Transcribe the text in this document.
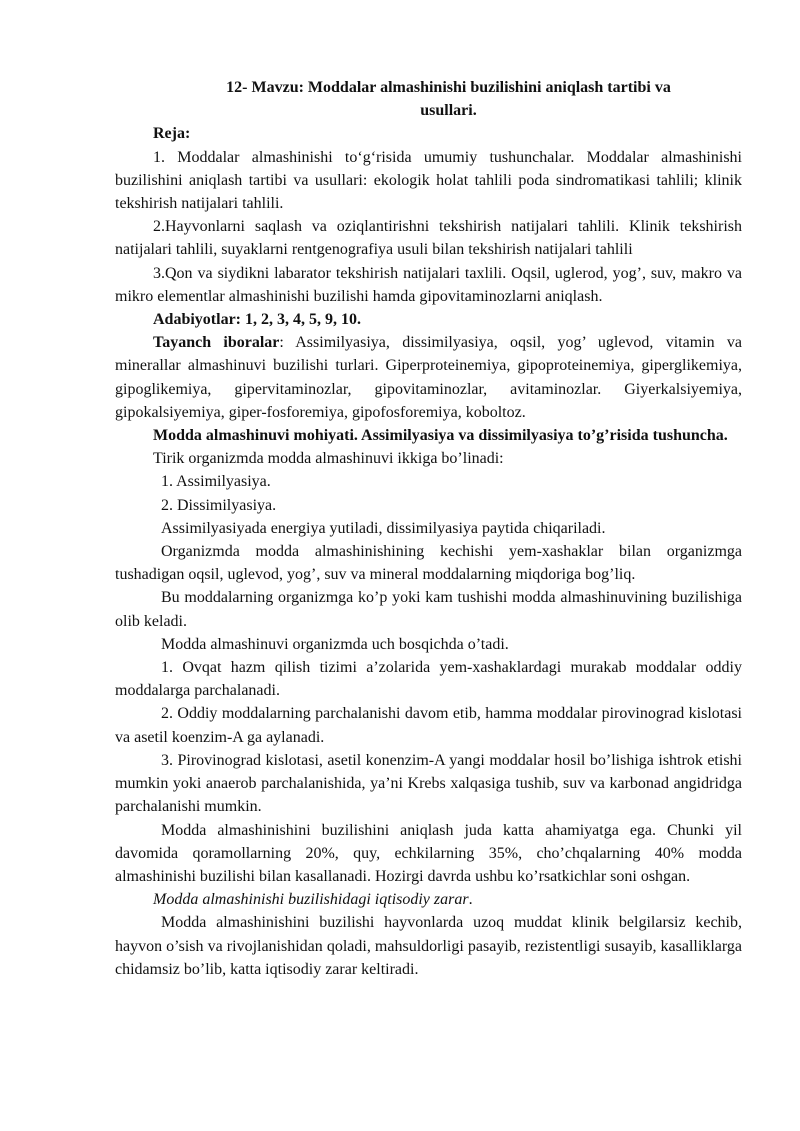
12- Mavzu: Moddalar almashinishi buzilishini aniqlash tartibi va
usullari.

Reja:

1. Moddalar almashinishi to‘g‘risida umumiy tushunchalar. Moddalar almashinishi buzilishini aniqlash tartibi va usullari: ekologik holat tahlili poda sindromatikasi tahlili; klinik tekshirish natijalari tahlili.

2.Hayvonlarni saqlash va oziqlantirishni tekshirish natijalari tahlili. Klinik tekshirish natijalari tahlili, suyaklarni rentgenografiya usuli bilan tekshirish natijalari tahlili

3.Qon va siydikni labarator tekshirish natijalari taxlili. Oqsil, uglerod, yog’, suv, makro va mikro elementlar almashinishi buzilishi hamda gipovitaminozlarni aniqlash.

Adabiyotlar: 1, 2, 3, 4, 5, 9, 10.

Tayanch iboralar: Assimilyasiya, dissimilyasiya, oqsil, yog’ uglevod, vitamin va minerallar almashinuvi buzilishi turlari. Giperproteinemiya, gipoproteinemiya, giperglikemiya, gipoglikemiya, gipervitaminozlar, gipovitaminozlar, avitaminozlar. Giyerkalsiyemiya, gipokalsiyemiya, giper-fosforemiya, gipofosforemiya, koboltoz.

Modda almashinuvi mohiyati. Assimilyasiya va dissimilyasiya to’g’risida tushuncha.

Tirik organizmda modda almashinuvi ikkiga bo’linadi:

1. Assimilyasiya.

2. Dissimilyasiya.

Assimilyasiyada energiya yutiladi, dissimilyasiya paytida chiqariladi.

Organizmda modda almashinishining kechishi yem-xashaklar bilan organizmga tushadigan oqsil, uglevod, yog’, suv va mineral moddalarning miqdoriga bog’liq.

Bu moddalarning organizmga ko’p yoki kam tushishi modda almashinuvining buzilishiga olib keladi.

Modda almashinuvi organizmda uch bosqichda o’tadi.

1. Ovqat hazm qilish tizimi a’zolarida yem-xashaklardagi murakab moddalar oddiy moddalarga parchalanadi.

2. Oddiy moddalarning parchalanishi davom etib, hamma moddalar pirovinograd kislotasi va asetil koenzim-A ga aylanadi.

3. Pirovinograd kislotasi, asetil konenzim-A yangi moddalar hosil bo’lishiga ishtrok etishi mumkin yoki anaerob parchalanishida, ya’ni Krebs xalqasiga tushib, suv va karbonad angidridga parchalanishi mumkin.

Modda almashinishini buzilishini aniqlash juda katta ahamiyatga ega. Chunki yil davomida qoramollarning 20%, quy, echkilarning 35%, cho’chqalarning 40% modda almashinishi buzilishi bilan kasallanadi. Hozirgi davrda ushbu ko’rsatkichlar soni oshgan.

Modda almashinishi buzilishidagi iqtisodiy zarar.

Modda almashinishini buzilishi hayvonlarda uzoq muddat klinik belgilarsiz kechib, hayvon o’sish va rivojlanishidan qoladi, mahsuldorligi pasayib, rezistentligi susayib, kasalliklarga chidamsiz bo’lib, katta iqtisodiy zarar keltiradi.
